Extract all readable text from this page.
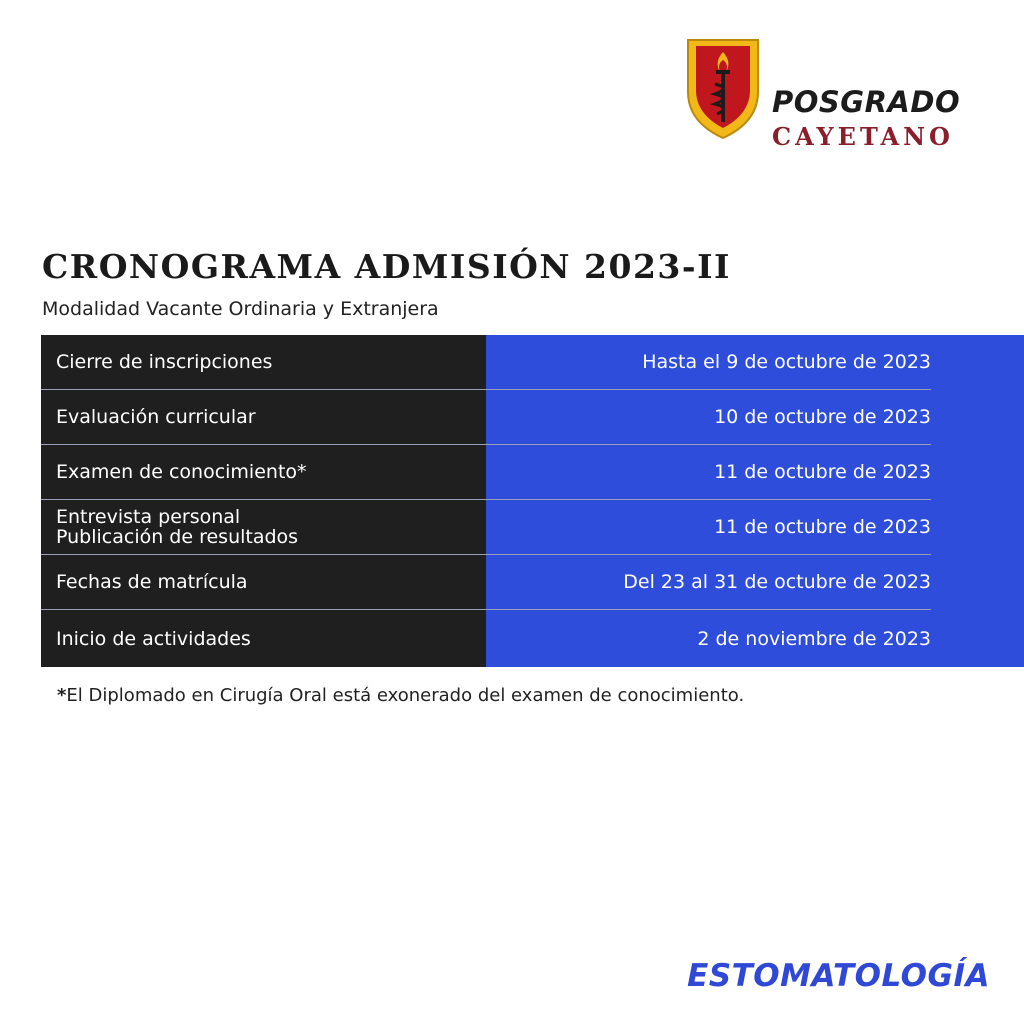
POSGRADO
CAYETANO
CRONOGRAMA ADMISIÓN 2023-II
Modalidad Vacante Ordinaria y Extranjera
Cierre de inscripciones	Hasta el 9 de octubre de 2023
Evaluación curricular	10 de octubre de 2023
Examen de conocimiento*	11 de octubre de 2023
Entrevista personal
Publicación de resultados	11 de octubre de 2023
Fechas de matrícula	Del 23 al 31 de octubre de 2023
Inicio de actividades	2 de noviembre de 2023
*El Diplomado en Cirugía Oral está exonerado del examen de conocimiento.
ESTOMATOLOGÍA
